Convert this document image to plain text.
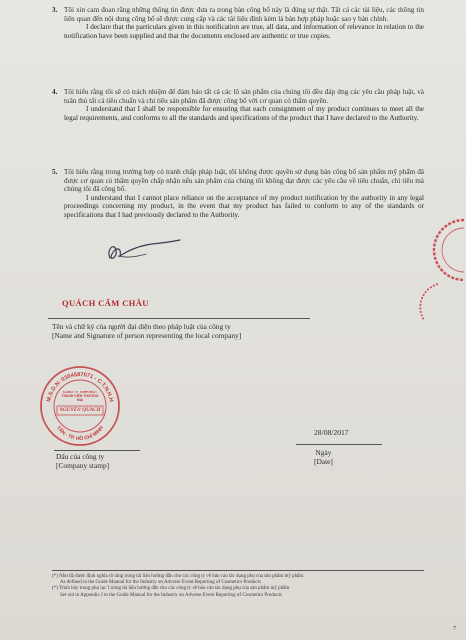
3. Tôi xin cam đoan rằng những thông tin được đưa ra trong bản công bố này là đúng sự thật. Tất cả các tài liệu, các thông tin liên quan đến nội dung công bố sẽ được cung cấp và các tài liệu đính kèm là bản hợp pháp hoặc sao y bản chính.

I declare that the particulars given in this notification are true, all data, and information of relevance in relation to the notification have been supplied and that the documents enclosed are authentic or true copies.

4. Tôi hiểu rằng tôi sẽ có trách nhiệm để đảm bảo tất cả các lô sản phẩm của chúng tôi đều đáp ứng các yêu cầu pháp luật, và tuân thủ tất cả tiêu chuẩn và chỉ tiêu sản phẩm đã được công bố với cơ quan có thẩm quyền.

I understand that I shall be responsible for ensuring that each consignment of my product continues to meet all the legal requirements, and conforms to all the standards and specifications of the product that I have declared to the Authority.

5. Tôi hiểu rằng trong trường hợp có tranh chấp pháp luật, tôi không được quyền sử dụng bản công bố sản phẩm mỹ phẩm đã được cơ quan có thẩm quyền chấp nhận nếu sản phẩm của chúng tôi không đạt được các yêu cầu về tiêu chuẩn, chỉ tiêu mà chúng tôi đã công bố.

I understand that I cannot place reliance on the acceptance of my product notification by the authority in any legal proceedings concerning my product, in the event that my product has failed to conform to any of the standards or specifications that I had previously declared to the Authority.

QUÁCH CẨM CHÂU
Tên và chữ ký của người đại diện theo pháp luật của công ty
[Name and Signature of person representing the local company]
M.S.D.N: 0304587071 - C.T.N.H.H
TÂN - TP. HỒ CHÍ MINH
CÔNG TY TNHH MỘT THÀNH VIÊN THƯƠNG MẠI
NGUYỄN QUÁCH
Dấu của công ty
[Company stamp]
28/08/2017
Ngày
[Date]

(*) Như đã được định nghĩa rõ ràng trong tài liệu hướng dẫn cho các công ty về báo cáo tác dụng phụ của sản phẩm mỹ phẩm.

As defined in the Guide Manual for the Industry on Adverse Event Reporting of Cosmetics Products

(*) Trình bày trong phụ lục I trong tài liệu hướng dẫn cho các công ty về báo cáo tác dụng phụ của sản phẩm mỹ phẩm

Set out in Appendix I to the Guide Manual for the Industry on Adverse Event Reporting of Cosmetics Products

7
